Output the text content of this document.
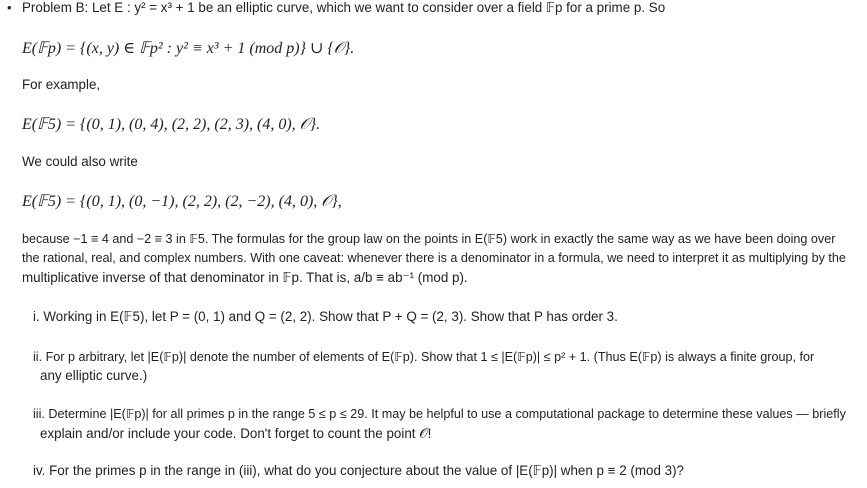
• Problem B: Let E : y² = x³ + 1 be an elliptic curve, which we want to consider over a field 𝔽p for a prime p. So
E(𝔽p) = {(x, y) ∈ 𝔽p² : y² ≡ x³ + 1 (mod p)} ∪ {𝒪}.
For example,
E(𝔽5) = {(0, 1), (0, 4), (2, 2), (2, 3), (4, 0), 𝒪}.
We could also write
E(𝔽5) = {(0, 1), (0, −1), (2, 2), (2, −2), (4, 0), 𝒪},
because −1 ≡ 4 and −2 ≡ 3 in 𝔽5. The formulas for the group law on the points in E(𝔽5) work in exactly the same way as we have been doing over
the rational, real, and complex numbers. With one caveat: whenever there is a denominator in a formula, we need to interpret it as multiplying by the
multiplicative inverse of that denominator in 𝔽p. That is, a/b ≡ ab⁻¹ (mod p).
i. Working in E(𝔽5), let P = (0, 1) and Q = (2, 2). Show that P + Q = (2, 3). Show that P has order 3.
ii. For p arbitrary, let |E(𝔽p)| denote the number of elements of E(𝔽p). Show that 1 ≤ |E(𝔽p)| ≤ p² + 1. (Thus E(𝔽p) is always a finite group, for
any elliptic curve.)
iii. Determine |E(𝔽p)| for all primes p in the range 5 ≤ p ≤ 29. It may be helpful to use a computational package to determine these values — briefly
explain and/or include your code. Don't forget to count the point 𝒪!
iv. For the primes p in the range in (iii), what do you conjecture about the value of |E(𝔽p)| when p ≡ 2 (mod 3)?
